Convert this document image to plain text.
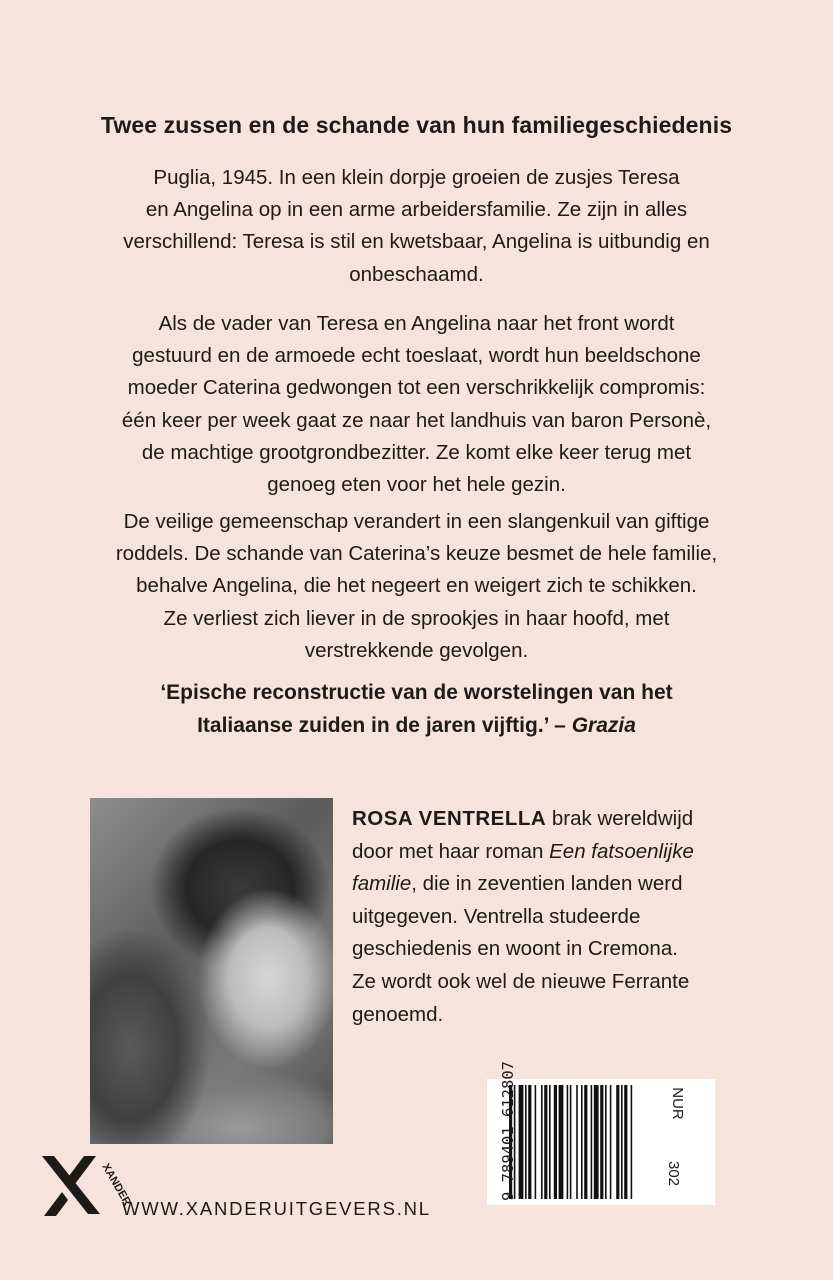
Twee zussen en de schande van hun familiegeschiedenis
Puglia, 1945. In een klein dorpje groeien de zusjes Teresa
en Angelina op in een arme arbeidersfamilie. Ze zijn in alles
verschillend: Teresa is stil en kwetsbaar, Angelina is uitbundig en
onbeschaamd.
Als de vader van Teresa en Angelina naar het front wordt
gestuurd en de armoede echt toeslaat, wordt hun beeldschone
moeder Caterina gedwongen tot een verschrikkelijk compromis:
één keer per week gaat ze naar het landhuis van baron Personè,
de machtige grootgrondbezitter. Ze komt elke keer terug met
genoeg eten voor het hele gezin.
De veilige gemeenschap verandert in een slangenkuil van giftige
roddels. De schande van Caterina’s keuze besmet de hele familie,
behalve Angelina, die het negeert en weigert zich te schikken.
Ze verliest zich liever in de sprookjes in haar hoofd, met
verstrekkende gevolgen.
‘Epische reconstructie van de worstelingen van het
Italiaanse zuiden in de jaren vijftig.’ – Grazia
ROSA VENTRELLA brak wereldwijd
door met haar roman Een fatsoenlijke
familie, die in zeventien landen werd
uitgegeven. Ventrella studeerde
geschiedenis en woont in Cremona.
Ze wordt ook wel de nieuwe Ferrante
genoemd.
9 789401 612807	NUR
302
XANDER
WWW.XANDERUITGEVERS.NL
